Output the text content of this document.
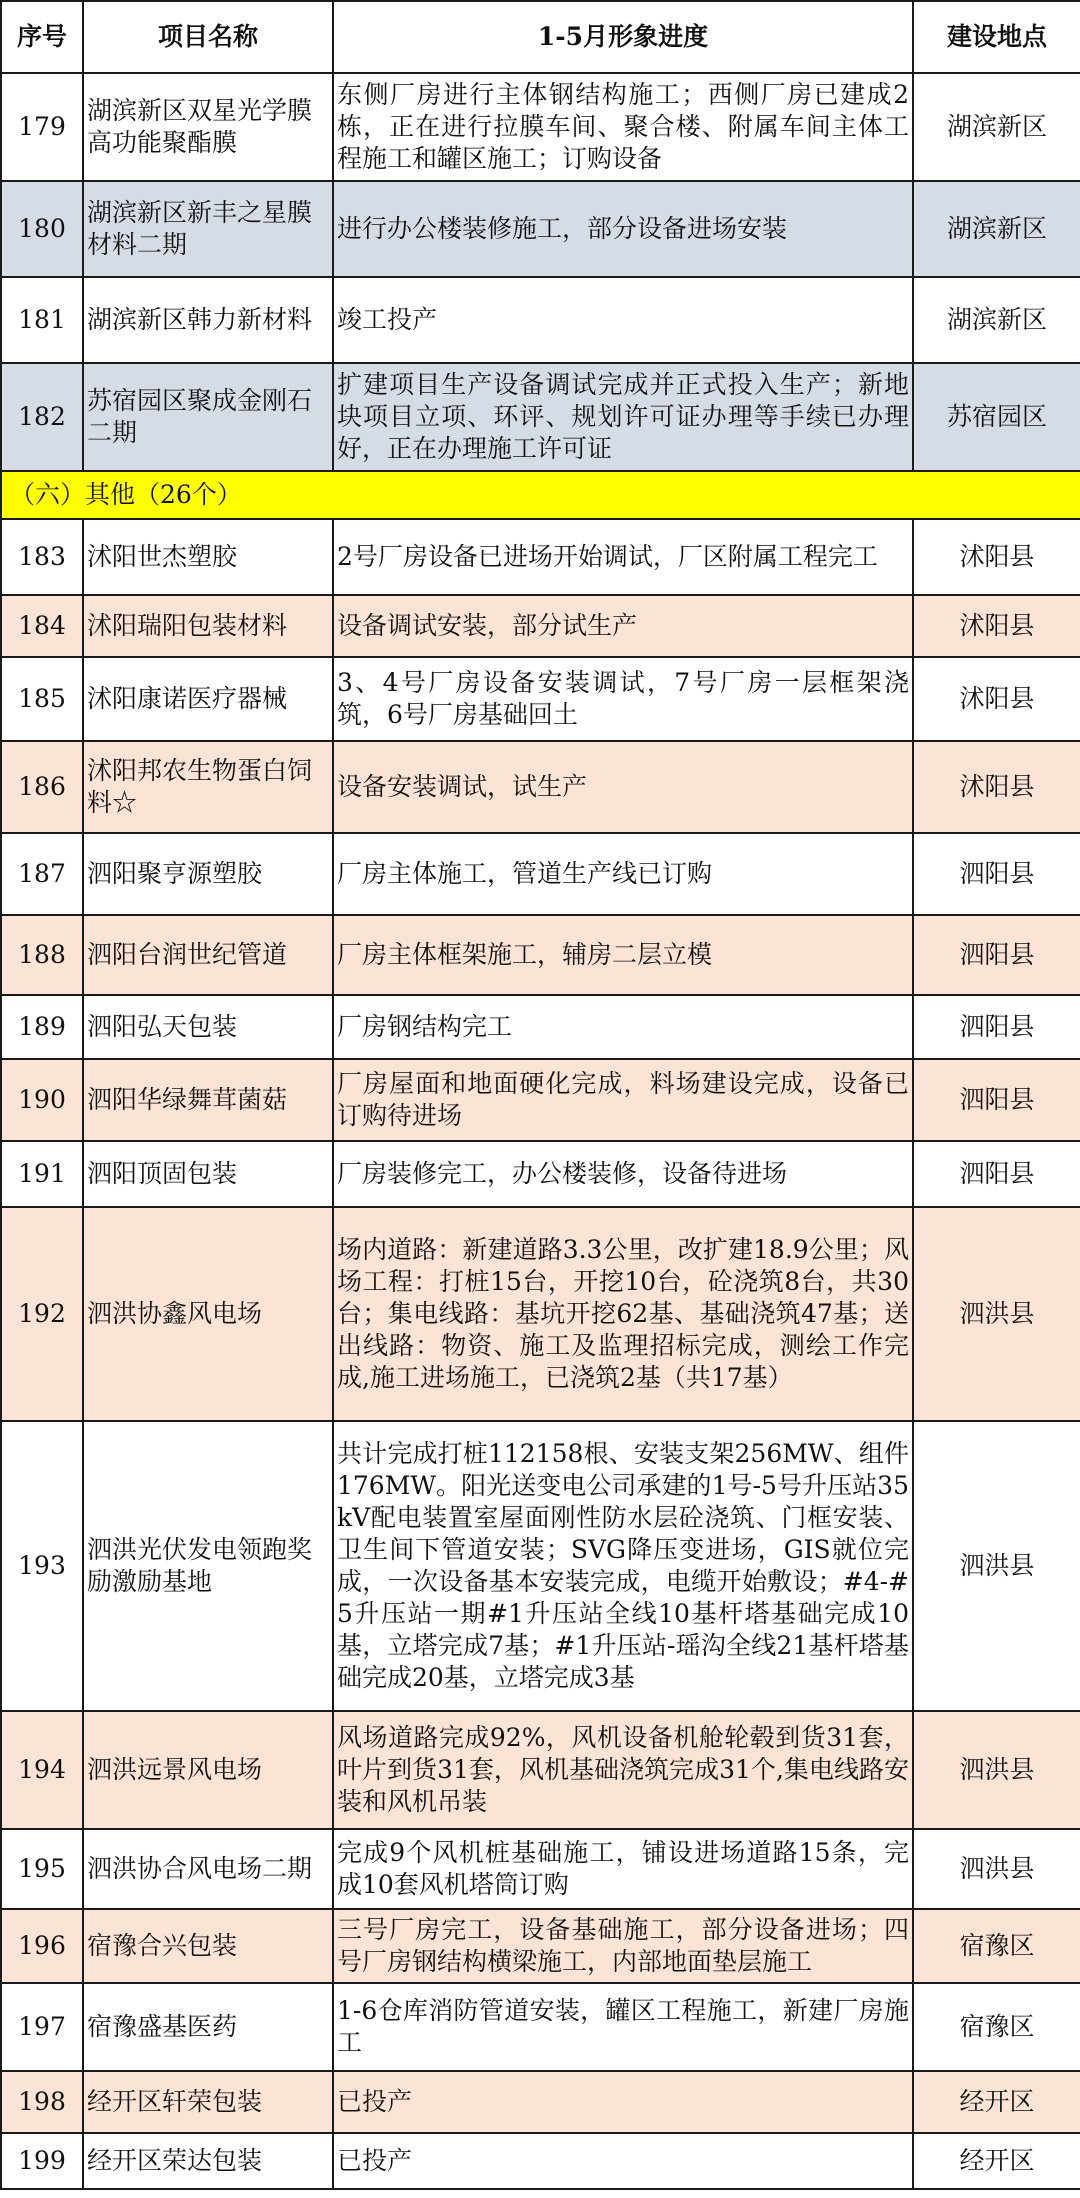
序号	项目名称	1-5月形象进度	建设地点
179	湖滨新区双星光学膜高功能聚酯膜	东侧厂房进行主体钢结构施工；西侧厂房已建成2栋，正在进行拉膜车间、聚合楼、附属车间主体工程施工和罐区施工；订购设备	湖滨新区
180	湖滨新区新丰之星膜材料二期	进行办公楼装修施工，部分设备进场安装	湖滨新区
181	湖滨新区韩力新材料	竣工投产	湖滨新区
182	苏宿园区聚成金刚石二期	扩建项目生产设备调试完成并正式投入生产；新地块项目立项、环评、规划许可证办理等手续已办理好，正在办理施工许可证	苏宿园区
（六）其他（26个）			
183	沭阳世杰塑胶	2号厂房设备已进场开始调试，厂区附属工程完工	沭阳县
184	沭阳瑞阳包装材料	设备调试安装，部分试生产	沭阳县
185	沭阳康诺医疗器械	3、4号厂房设备安装调试，7号厂房一层框架浇筑，6号厂房基础回土	沭阳县
186	沭阳邦农生物蛋白饲料☆	设备安装调试，试生产	沭阳县
187	泗阳聚亨源塑胶	厂房主体施工，管道生产线已订购	泗阳县
188	泗阳台润世纪管道	厂房主体框架施工，辅房二层立模	泗阳县
189	泗阳弘天包装	厂房钢结构完工	泗阳县
190	泗阳华绿舞茸菌菇	厂房屋面和地面硬化完成，料场建设完成，设备已订购待进场	泗阳县
191	泗阳顶固包装	厂房装修完工，办公楼装修，设备待进场	泗阳县
192	泗洪协鑫风电场	场内道路：新建道路3.3公里，改扩建18.9公里；风场工程：打桩15台，开挖10台，砼浇筑8台，共30台；集电线路：基坑开挖62基、基础浇筑47基；送出线路：物资、施工及监理招标完成，测绘工作完成,施工进场施工，已浇筑2基（共17基）	泗洪县
193	泗洪光伏发电领跑奖励激励基地	共计完成打桩112158根、安装支架256MW、组件176MW。阳光送变电公司承建的1号-5号升压站35kV配电装置室屋面刚性防水层砼浇筑、门框安装、卫生间下管道安装；SVG降压变进场，GIS就位完成，一次设备基本安装完成，电缆开始敷设；#4-#5升压站一期#1升压站全线10基杆塔基础完成10基，立塔完成7基；#1升压站-瑶沟全线21基杆塔基础完成20基，立塔完成3基	泗洪县
194	泗洪远景风电场	风场道路完成92%，风机设备机舱轮毂到货31套，叶片到货31套，风机基础浇筑完成31个,集电线路安装和风机吊装	泗洪县
195	泗洪协合风电场二期	完成9个风机桩基础施工，铺设进场道路15条，完成10套风机塔筒订购	泗洪县
196	宿豫合兴包装	三号厂房完工，设备基础施工，部分设备进场；四号厂房钢结构横梁施工，内部地面垫层施工	宿豫区
197	宿豫盛基医药	1-6仓库消防管道安装，罐区工程施工，新建厂房施工	宿豫区
198	经开区轩荣包装	已投产	经开区
199	经开区荣达包装	已投产	经开区
